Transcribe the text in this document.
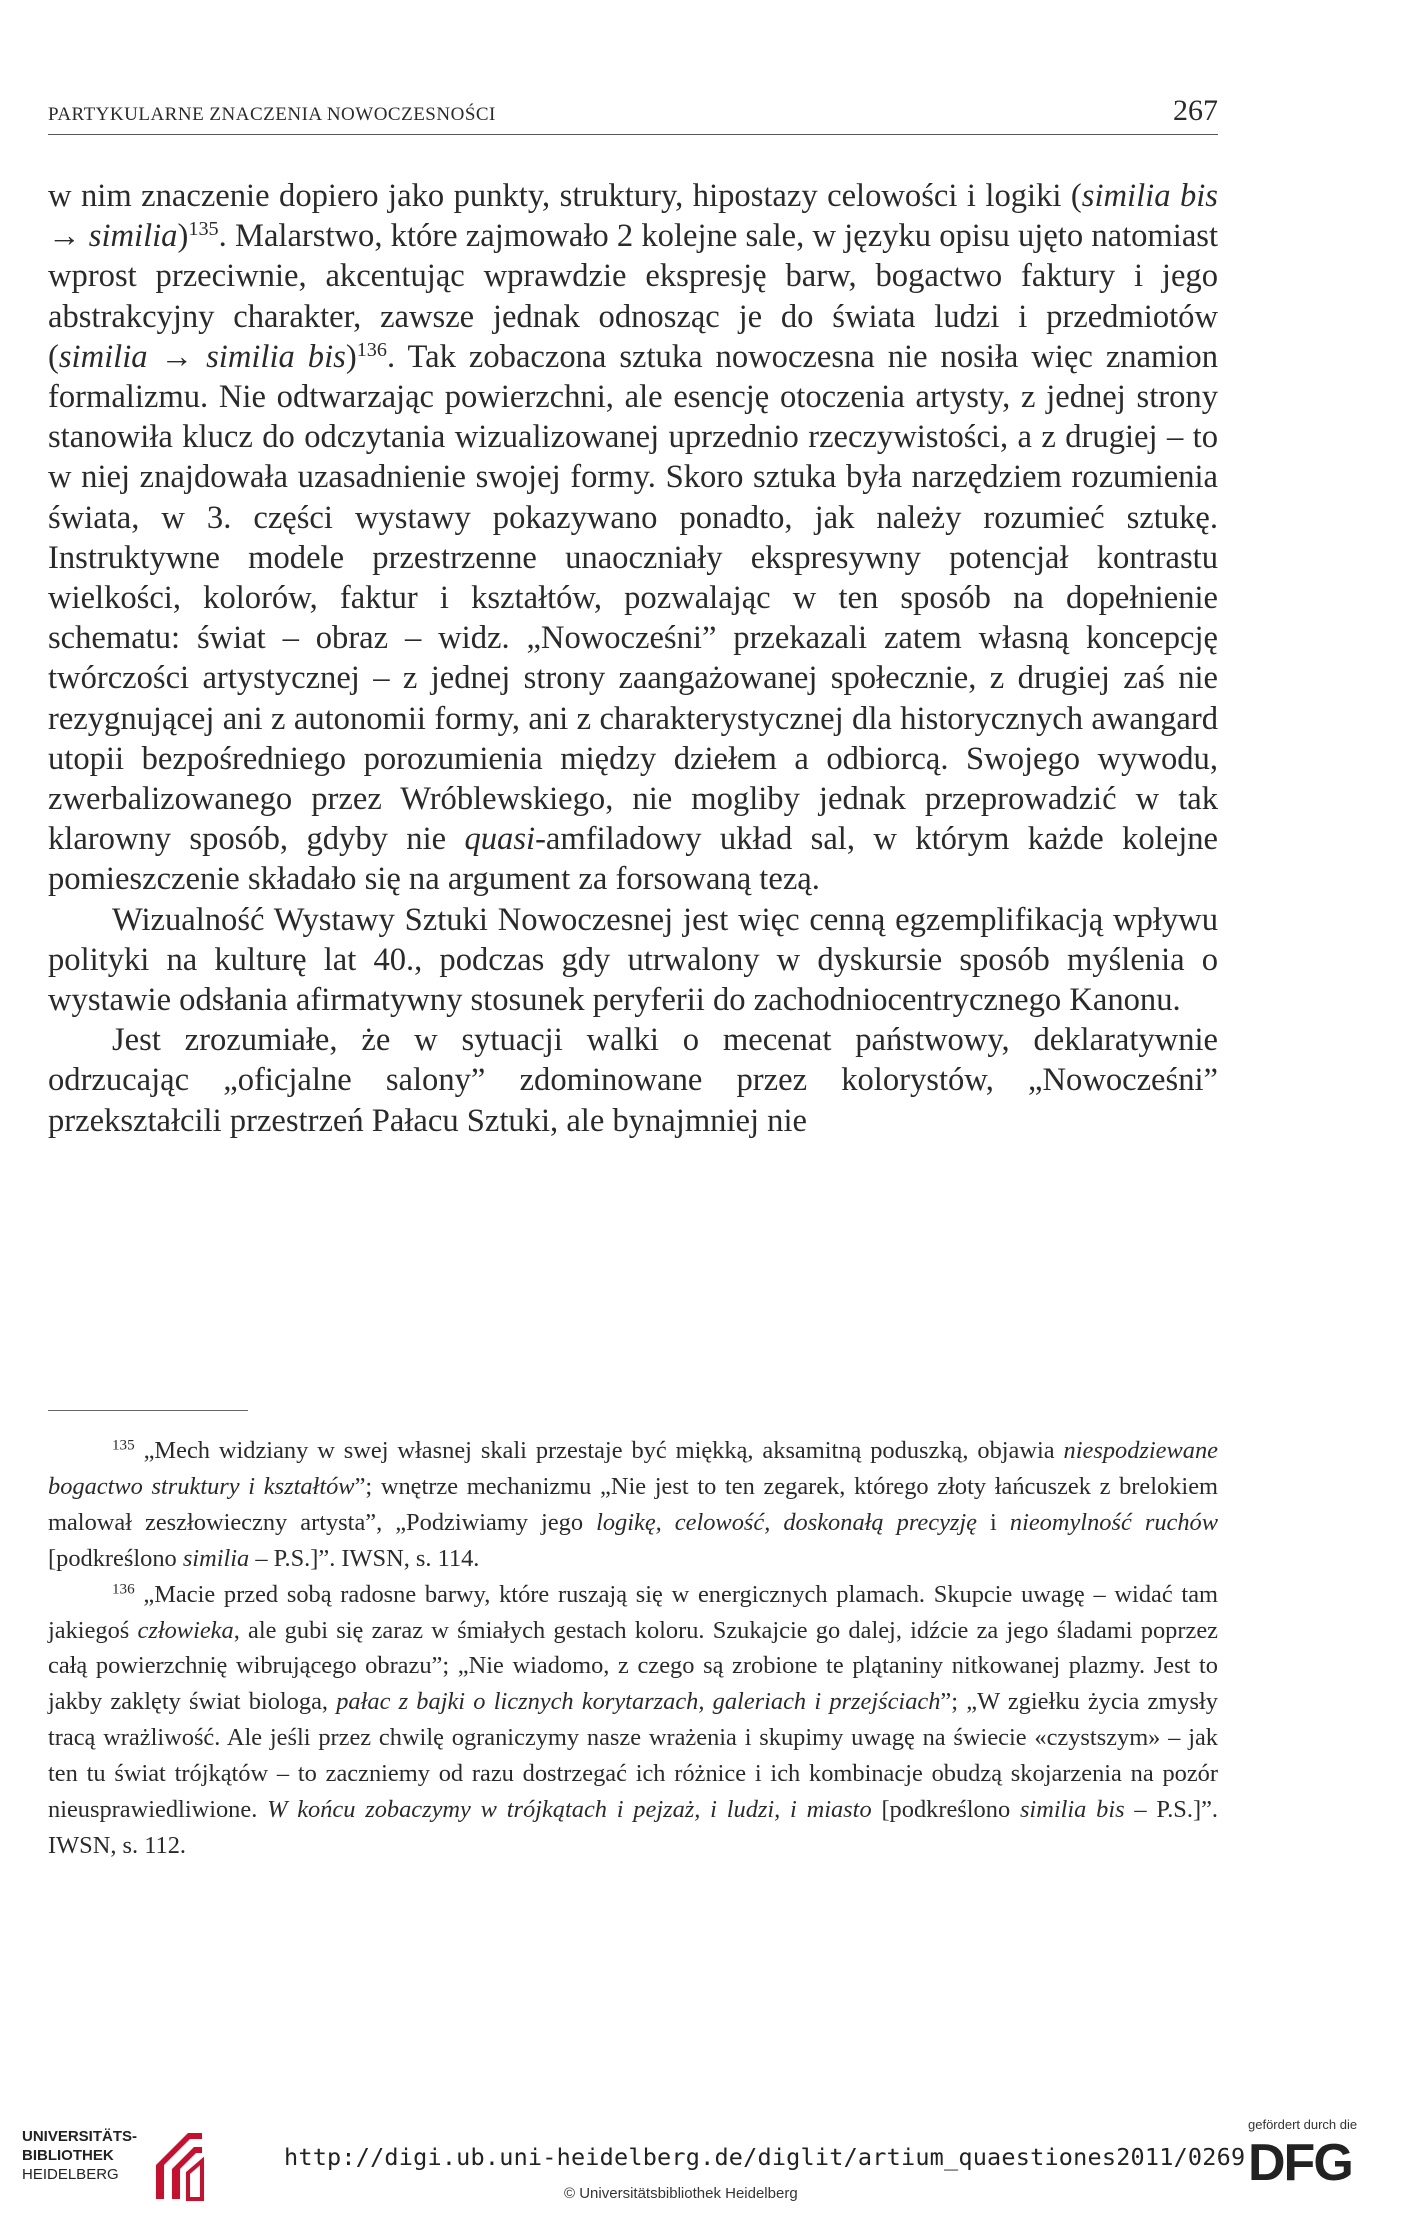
PARTYKULARNE ZNACZENIA NOWOCZESNOŚCI	267

w nim znaczenie dopiero jako punkty, struktury, hipostazy celowości i logiki (similia bis → similia)$^{135}$. Malarstwo, które zajmowało 2 kolejne sale, w języku opisu ujęto natomiast wprost przeciwnie, akcentując wprawdzie ekspresję barw, bogactwo faktury i jego abstrakcyjny charakter, zawsze jednak odnosząc je do świata ludzi i przedmiotów (similia → similia bis)$^{136}$. Tak zobaczona sztuka nowoczesna nie nosiła więc znamion formalizmu. Nie odtwarzając powierzchni, ale esencję otoczenia artysty, z jednej strony stanowiła klucz do odczytania wizualizowanej uprzednio rzeczywistości, a z drugiej – to w niej znajdowała uzasadnienie swojej formy. Skoro sztuka była narzędziem rozumienia świata, w 3. części wystawy pokazywano ponadto, jak należy rozumieć sztukę. Instruktywne modele przestrzenne unaoczniały ekspresywny potencjał kontrastu wielkości, kolorów, faktur i kształtów, pozwalając w ten sposób na dopełnienie schematu: świat – obraz – widz. „Nowocześni” przekazali zatem własną koncepcję twórczości artystycznej – z jednej strony zaangażowanej społecznie, z drugiej zaś nie rezygnującej ani z autonomii formy, ani z charakterystycznej dla historycznych awangard utopii bezpośredniego porozumienia między dziełem a odbiorcą. Swojego wywodu, zwerbalizowanego przez Wróblewskiego, nie mogliby jednak przeprowadzić w tak klarowny sposób, gdyby nie quasi-amfiladowy układ sal, w którym każde kolejne pomieszczenie składało się na argument za forsowaną tezą.

Wizualność Wystawy Sztuki Nowoczesnej jest więc cenną egzemplifikacją wpływu polityki na kulturę lat 40., podczas gdy utrwalony w dyskursie sposób myślenia o wystawie odsłania afirmatywny stosunek peryferii do zachodniocentrycznego Kanonu.

Jest zrozumiałe, że w sytuacji walki o mecenat państwowy, deklaratywnie odrzucając „oficjalne salony” zdominowane przez kolorystów, „Nowocześni” przekształcili przestrzeń Pałacu Sztuki, ale bynajmniej nie

$^{135}$ „Mech widziany w swej własnej skali przestaje być miękką, aksamitną poduszką, objawia niespodziewane bogactwo struktury i kształtów”; wnętrze mechanizmu „Nie jest to ten zegarek, którego złoty łańcuszek z brelokiem malował zeszłowieczny artysta”, „Podziwiamy jego logikę, celowość, doskonałą precyzję i nieomylność ruchów [podkreślono similia – P.S.]”. IWSN, s. 114.

$^{136}$ „Macie przed sobą radosne barwy, które ruszają się w energicznych plamach. Skupcie uwagę – widać tam jakiegoś człowieka, ale gubi się zaraz w śmiałych gestach koloru. Szukajcie go dalej, idźcie za jego śladami poprzez całą powierzchnię wibrującego obrazu”; „Nie wiadomo, z czego są zrobione te plątaniny nitkowanej plazmy. Jest to jakby zaklęty świat biologa, pałac z bajki o licznych korytarzach, galeriach i przejściach”; „W zgiełku życia zmysły tracą wrażliwość. Ale jeśli przez chwilę ograniczymy nasze wrażenia i skupimy uwagę na świecie «czystszym» – jak ten tu świat trójkątów – to zaczniemy od razu dostrzegać ich różnice i ich kombinacje obudzą skojarzenia na pozór nieusprawiedliwione. W końcu zobaczymy w trójkątach i pejzaż, i ludzi, i miasto [podkreślono similia bis – P.S.]”. IWSN, s. 112.

UNIVERSITÄTS-
BIBLIOTHEK
HEIDELBERG
http://digi.ub.uni-heidelberg.de/diglit/artium_quaestiones2011/0269
© Universitätsbibliothek Heidelberg
gefördert durch die
DFG
